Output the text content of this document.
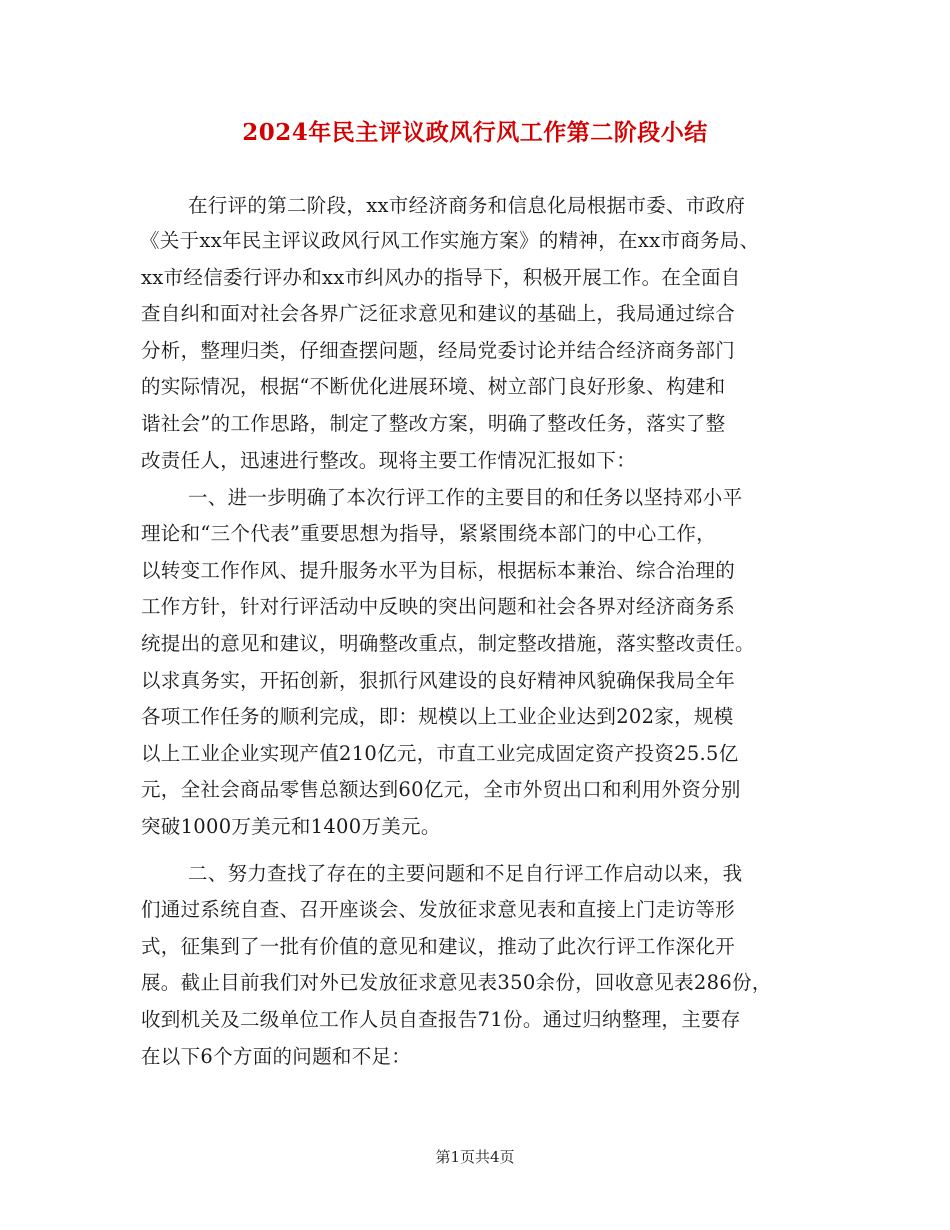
2024年民主评议政风行风工作第二阶段小结
在行评的第二阶段，xx市经济商务和信息化局根据市委、市政府
《关于xx年民主评议政风行风工作实施方案》的精神，在xx市商务局、
xx市经信委行评办和xx市纠风办的指导下，积极开展工作。在全面自
查自纠和面对社会各界广泛征求意见和建议的基础上，我局通过综合
分析，整理归类，仔细查摆问题，经局党委讨论并结合经济商务部门
的实际情况，根据“不断优化进展环境、树立部门良好形象、构建和
谐社会”的工作思路，制定了整改方案，明确了整改任务，落实了整
改责任人，迅速进行整改。现将主要工作情况汇报如下：
一、进一步明确了本次行评工作的主要目的和任务以坚持邓小平
理论和“三个代表”重要思想为指导，紧紧围绕本部门的中心工作，
以转变工作作风、提升服务水平为目标，根据标本兼治、综合治理的
工作方针，针对行评活动中反映的突出问题和社会各界对经济商务系
统提出的意见和建议，明确整改重点，制定整改措施，落实整改责任。
以求真务实，开拓创新，狠抓行风建设的良好精神风貌确保我局全年
各项工作任务的顺利完成，即：规模以上工业企业达到202家，规模
以上工业企业实现产值210亿元，市直工业完成固定资产投资25.5亿
元，全社会商品零售总额达到60亿元，全市外贸出口和利用外资分别
突破1000万美元和1400万美元。
二、努力查找了存在的主要问题和不足自行评工作启动以来，我
们通过系统自查、召开座谈会、发放征求意见表和直接上门走访等形
式，征集到了一批有价值的意见和建议，推动了此次行评工作深化开
展。截止目前我们对外已发放征求意见表350余份，回收意见表286份，
收到机关及二级单位工作人员自查报告71份。通过归纳整理，主要存
在以下6个方面的问题和不足：
第1页共4页
